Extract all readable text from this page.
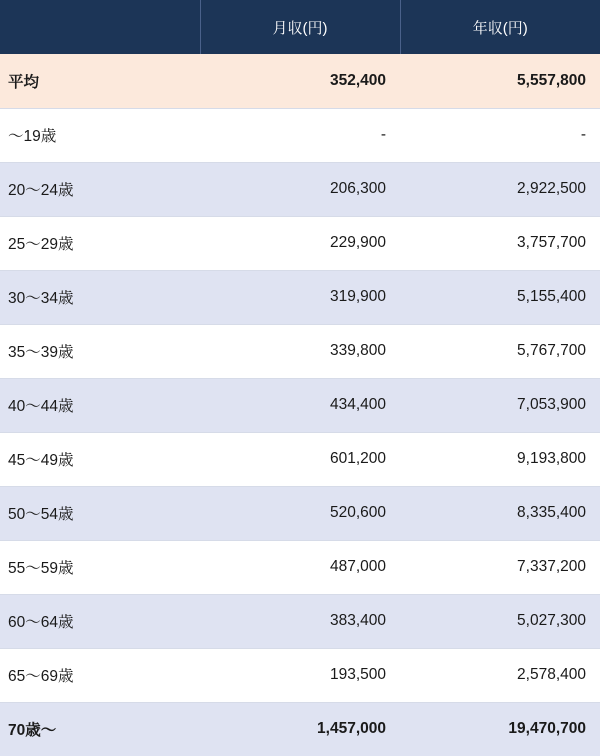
	月収(円)	年収(円)
平均	352,400	5,557,800
〜19歳	-	-
20〜24歳	206,300	2,922,500
25〜29歳	229,900	3,757,700
30〜34歳	319,900	5,155,400
35〜39歳	339,800	5,767,700
40〜44歳	434,400	7,053,900
45〜49歳	601,200	9,193,800
50〜54歳	520,600	8,335,400
55〜59歳	487,000	7,337,200
60〜64歳	383,400	5,027,300
65〜69歳	193,500	2,578,400
70歳〜	1,457,000	19,470,700
